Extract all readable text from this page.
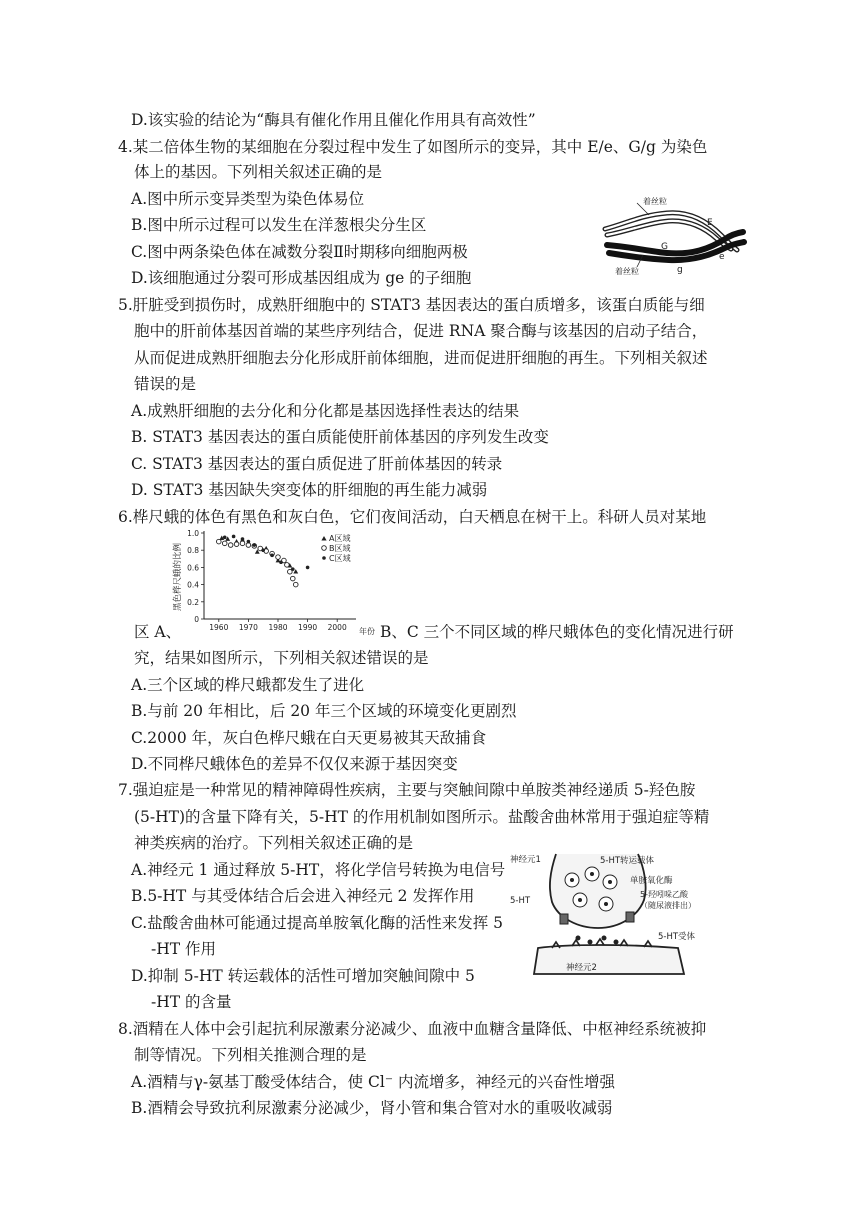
D.该实验的结论为“酶具有催化作用且催化作用具有高效性”
4.某二倍体生物的某细胞在分裂过程中发生了如图所示的变异，其中 E/e、G/g 为染色
体上的基因。下列相关叙述正确的是
A.图中所示变异类型为染色体易位
B.图中所示过程可以发生在洋葱根尖分生区
C.图中两条染色体在减数分裂Ⅱ时期移向细胞两极
D.该细胞通过分裂可形成基因组成为 ge 的子细胞
着丝粒
着丝粒
E
e
G
g
5.肝脏受到损伤时，成熟肝细胞中的 STAT3 基因表达的蛋白质增多，该蛋白质能与细
胞中的肝前体基因首端的某些序列结合，促进 RNA 聚合酶与该基因的启动子结合，
从而促进成熟肝细胞去分化形成肝前体细胞，进而促进肝细胞的再生。下列相关叙述
错误的是
A.成熟肝细胞的去分化和分化都是基因选择性表达的结果
B. STAT3 基因表达的蛋白质能使肝前体基因的序列发生改变
C. STAT3 基因表达的蛋白质促进了肝前体基因的转录
D. STAT3 基因缺失突变体的肝细胞的再生能力减弱
6.桦尺蛾的体色有黑色和灰白色，它们夜间活动，白天栖息在树干上。科研人员对某地
区 A、	B、C 三个不同区域的桦尺蛾体色的变化情况进行研
究，结果如图所示，下列相关叙述错误的是
A.三个区域的桦尺蛾都发生了进化
B.与前 20 年相比，后 20 年三个区域的环境变化更剧烈
C.2000 年，灰白色桦尺蛾在白天更易被其天敌捕食
D.不同桦尺蛾体色的差异不仅仅来源于基因突变
0
0.2
0.4
0.6
0.8
1.0
1960 1970 1980 1990 2000
A区域
B区域
C区域
黑色桦尺蛾的比例
年份
7.强迫症是一种常见的精神障碍性疾病，主要与突触间隙中单胺类神经递质 5-羟色胺
(5-HT)的含量下降有关，5-HT 的作用机制如图所示。盐酸舍曲林常用于强迫症等精
神类疾病的治疗。下列相关叙述正确的是
A.神经元 1 通过释放 5-HT，将化学信号转换为电信号
B.5-HT 与其受体结合后会进入神经元 2 发挥作用
C.盐酸舍曲林可能通过提高单胺氧化酶的活性来发挥 5
-HT 作用
D.抑制 5-HT 转运载体的活性可增加突触间隙中 5
-HT 的含量
神经元1	5-HT转运载体
单胺氧化酶
5-HT
5-羟吲哚乙酸
（随尿液排出）
5-HT受体
神经元2
8.酒精在人体中会引起抗利尿激素分泌减少、血液中血糖含量降低、中枢神经系统被抑
制等情况。下列相关推测合理的是
A.酒精与γ-氨基丁酸受体结合，使 Cl⁻ 内流增多，神经元的兴奋性增强
B.酒精会导致抗利尿激素分泌减少，肾小管和集合管对水的重吸收减弱
